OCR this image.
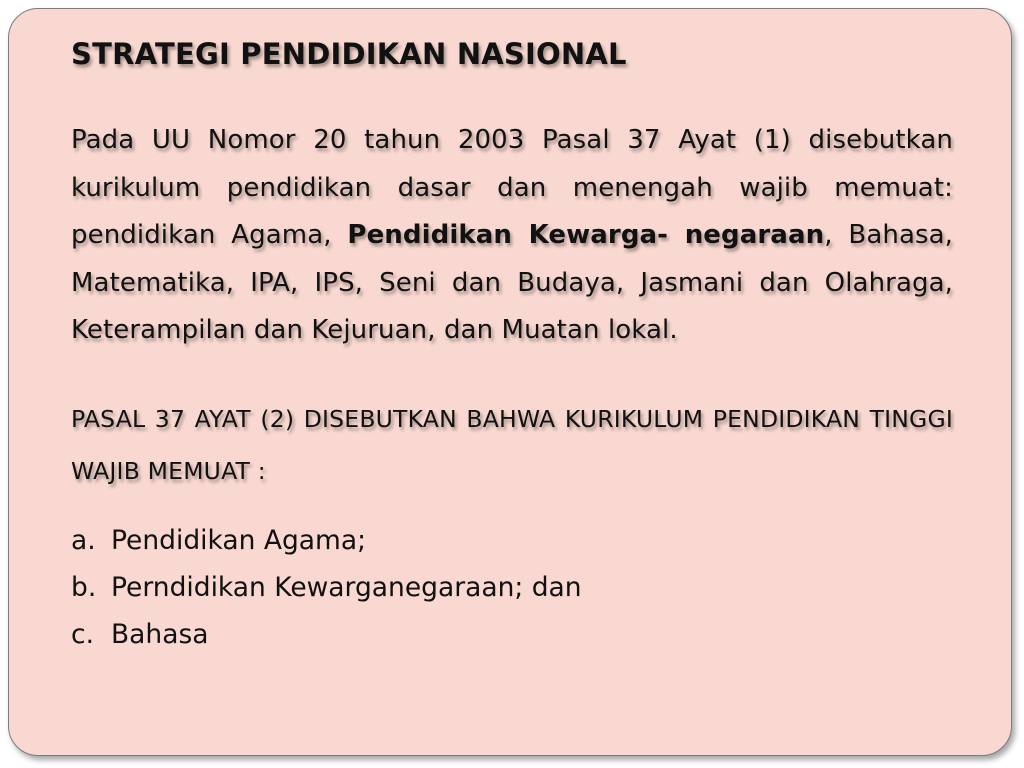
STRATEGI PENDIDIKAN NASIONAL

Pada UU Nomor 20 tahun 2003 Pasal 37 Ayat (1) disebutkan kurikulum pendidikan dasar dan menengah wajib memuat: pendidikan Agama, Pendidikan Kewarga- negaraan, Bahasa, Matematika, IPA, IPS, Seni dan Budaya, Jasmani dan Olahraga, Keterampilan dan Kejuruan, dan Muatan lokal.

PASAL 37 AYAT (2) DISEBUTKAN BAHWA KURIKULUM PENDIDIKAN TINGGI WAJIB MEMUAT :

a. Pendidikan Agama;
b. Perndidikan Kewarganegaraan; dan
c. Bahasa
